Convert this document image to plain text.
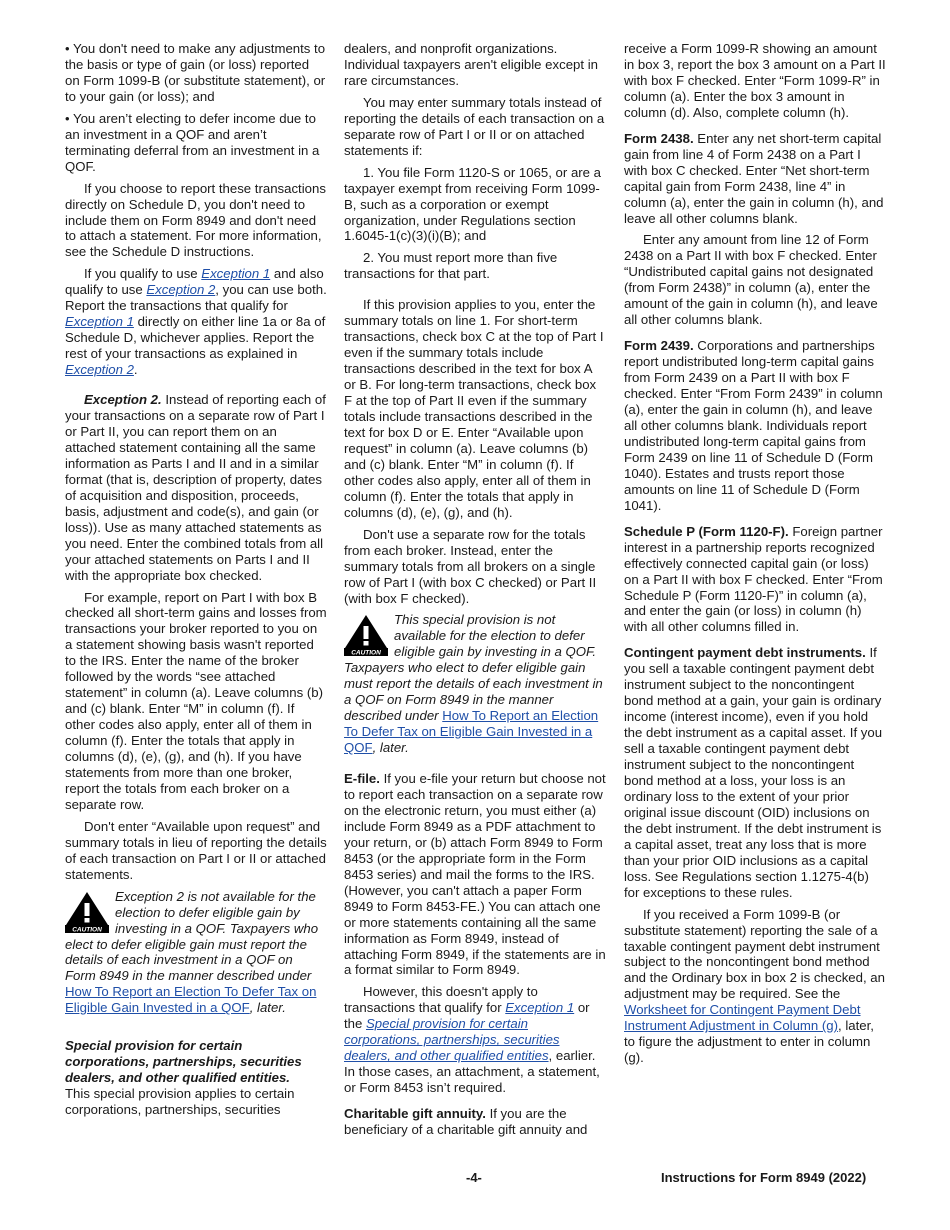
• You don't need to make any adjustments to the basis or type of gain (or loss) reported on Form 1099-B (or substitute statement), or to your gain (or loss); and

• You aren’t electing to defer income due to an investment in a QOF and aren’t terminating deferral from an investment in a QOF.

If you choose to report these transactions directly on Schedule D, you don't need to include them on Form 8949 and don't need to attach a statement. For more information, see the Schedule D instructions.

If you qualify to use Exception 1 and also qualify to use Exception 2, you can use both. Report the transactions that qualify for Exception 1 directly on either line 1a or 8a of Schedule D, whichever applies. Report the rest of your transactions as explained in Exception 2.

Exception 2. Instead of reporting each of your transactions on a separate row of Part I or Part II, you can report them on an attached statement containing all the same information as Parts I and II and in a similar format (that is, description of property, dates of acquisition and disposition, proceeds, basis, adjustment and code(s), and gain (or loss)). Use as many attached statements as you need. Enter the combined totals from all your attached statements on Parts I and II with the appropriate box checked.

For example, report on Part I with box B checked all short-term gains and losses from transactions your broker reported to you on a statement showing basis wasn't reported to the IRS. Enter the name of the broker followed by the words “see attached statement” in column (a). Leave columns (b) and (c) blank. Enter “M” in column (f). If other codes also apply, enter all of them in column (f). Enter the totals that apply in columns (d), (e), (g), and (h). If you have statements from more than one broker, report the totals from each broker on a separate row.

Don't enter “Available upon request” and summary totals in lieu of reporting the details of each transaction on Part I or II or attached statements.

CAUTION
Exception 2 is not available for the election to defer eligible gain by investing in a QOF. Taxpayers who elect to defer eligible gain must report the details of each investment in a QOF on Form 8949 in the manner described under How To Report an Election To Defer Tax on Eligible Gain Invested in a QOF, later.

Special provision for certain corporations, partnerships, securities dealers, and other qualified entities.
This special provision applies to certain corporations, partnerships, securities

dealers, and nonprofit organizations. Individual taxpayers aren't eligible except in rare circumstances.

You may enter summary totals instead of reporting the details of each transaction on a separate row of Part I or II or on attached statements if:

1. You file Form 1120-S or 1065, or are a taxpayer exempt from receiving Form 1099-B, such as a corporation or exempt organization, under Regulations section 1.6045-1(c)(3)(i)(B); and

2. You must report more than five transactions for that part.

If this provision applies to you, enter the summary totals on line 1. For short-term transactions, check box C at the top of Part I even if the summary totals include transactions described in the text for box A or B. For long-term transactions, check box F at the top of Part II even if the summary totals include transactions described in the text for box D or E. Enter “Available upon request” in column (a). Leave columns (b) and (c) blank. Enter “M” in column (f). If other codes also apply, enter all of them in column (f). Enter the totals that apply in columns (d), (e), (g), and (h).

Don't use a separate row for the totals from each broker. Instead, enter the summary totals from all brokers on a single row of Part I (with box C checked) or Part II (with box F checked).

CAUTION
This special provision is not available for the election to defer eligible gain by investing in a QOF. Taxpayers who elect to defer eligible gain must report the details of each investment in a QOF on Form 8949 in the manner described under How To Report an Election To Defer Tax on Eligible Gain Invested in a QOF, later.

E-file. If you e-file your return but choose not to report each transaction on a separate row on the electronic return, you must either (a) include Form 8949 as a PDF attachment to your return, or (b) attach Form 8949 to Form 8453 (or the appropriate form in the Form 8453 series) and mail the forms to the IRS. (However, you can't attach a paper Form 8949 to Form 8453-FE.) You can attach one or more statements containing all the same information as Form 8949, instead of attaching Form 8949, if the statements are in a format similar to Form 8949.

However, this doesn't apply to transactions that qualify for Exception 1 or the Special provision for certain corporations, partnerships, securities dealers, and other qualified entities, earlier. In those cases, an attachment, a statement, or Form 8453 isn’t required.

Charitable gift annuity. If you are the beneficiary of a charitable gift annuity and

receive a Form 1099-R showing an amount in box 3, report the box 3 amount on a Part II with box F checked. Enter “Form 1099-R” in column (a). Enter the box 3 amount in column (d). Also, complete column (h).

Form 2438. Enter any net short-term capital gain from line 4 of Form 2438 on a Part I with box C checked. Enter “Net short-term capital gain from Form 2438, line 4” in column (a), enter the gain in column (h), and leave all other columns blank.

Enter any amount from line 12 of Form 2438 on a Part II with box F checked. Enter “Undistributed capital gains not designated (from Form 2438)” in column (a), enter the amount of the gain in column (h), and leave all other columns blank.

Form 2439. Corporations and partnerships report undistributed long-term capital gains from Form 2439 on a Part II with box F checked. Enter “From Form 2439” in column (a), enter the gain in column (h), and leave all other columns blank. Individuals report undistributed long-term capital gains from Form 2439 on line 11 of Schedule D (Form 1040). Estates and trusts report those amounts on line 11 of Schedule D (Form 1041).

Schedule P (Form 1120-F). Foreign partner interest in a partnership reports recognized effectively connected capital gain (or loss) on a Part II with box F checked. Enter “From Schedule P (Form 1120-F)” in column (a), and enter the gain (or loss) in column (h) with all other columns filled in.

Contingent payment debt instruments. If you sell a taxable contingent payment debt instrument subject to the noncontingent bond method at a gain, your gain is ordinary income (interest income), even if you hold the debt instrument as a capital asset. If you sell a taxable contingent payment debt instrument subject to the noncontingent bond method at a loss, your loss is an ordinary loss to the extent of your prior original issue discount (OID) inclusions on the debt instrument. If the debt instrument is a capital asset, treat any loss that is more than your prior OID inclusions as a capital loss. See Regulations section 1.1275-4(b) for exceptions to these rules.

If you received a Form 1099-B (or substitute statement) reporting the sale of a taxable contingent payment debt instrument subject to the noncontingent bond method and the Ordinary box in box 2 is checked, an adjustment may be required. See the Worksheet for Contingent Payment Debt Instrument Adjustment in Column (g), later, to figure the adjustment to enter in column (g).

-4-	Instructions for Form 8949 (2022)
